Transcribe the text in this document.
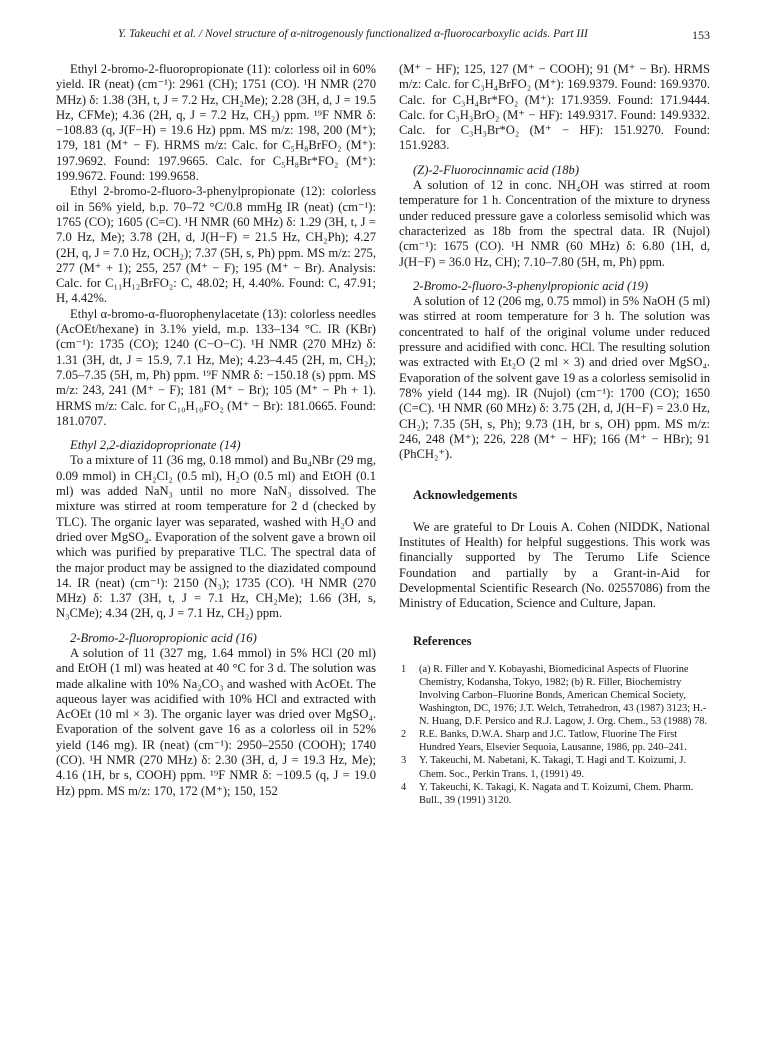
Y. Takeuchi et al. / Novel structure of α-nitrogenously functionalized α-fluorocarboxylic acids. Part III	153

Ethyl 2-bromo-2-fluoropropionate (11): colorless oil in 60% yield. IR (neat) (cm⁻¹): 2961 (CH); 1751 (CO). ¹H NMR (270 MHz) δ: 1.38 (3H, t, J = 7.2 Hz, CH₂Me); 2.28 (3H, d, J = 19.5 Hz, CFMe); 4.36 (2H, q, J = 7.2 Hz, CH₂) ppm. ¹⁹F NMR δ: −108.83 (q, J(F−H) = 19.6 Hz) ppm. MS m/z: 198, 200 (M⁺); 179, 181 (M⁺ − F). HRMS m/z: Calc. for C₅H₈BrFO₂ (M⁺): 197.9692. Found: 197.9665. Calc. for C₅H₈Br*FO₂ (M⁺): 199.9672. Found: 199.9658.

Ethyl 2-bromo-2-fluoro-3-phenylpropionate (12): colorless oil in 56% yield, b.p. 70–72 °C/0.8 mmHg IR (neat) (cm⁻¹): 1765 (CO); 1605 (C=C). ¹H NMR (60 MHz) δ: 1.29 (3H, t, J = 7.0 Hz, Me); 3.78 (2H, d, J(H−F) = 21.5 Hz, CH₂Ph); 4.27 (2H, q, J = 7.0 Hz, OCH₂); 7.37 (5H, s, Ph) ppm. MS m/z: 275, 277 (M⁺ + 1); 255, 257 (M⁺ − F); 195 (M⁺ − Br). Analysis: Calc. for C₁₁H₁₂BrFO₂: C, 48.02; H, 4.40%. Found: C, 47.91; H, 4.42%.

Ethyl α-bromo-α-fluorophenylacetate (13): colorless needles (AcOEt/hexane) in 3.1% yield, m.p. 133–134 °C. IR (KBr) (cm⁻¹): 1735 (CO); 1240 (C−O−C). ¹H NMR (270 MHz) δ: 1.31 (3H, dt, J = 15.9, 7.1 Hz, Me); 4.23–4.45 (2H, m, CH₂); 7.05–7.35 (5H, m, Ph) ppm. ¹⁹F NMR δ: −150.18 (s) ppm. MS m/z: 243, 241 (M⁺ − F); 181 (M⁺ − Br); 105 (M⁺ − Ph + 1). HRMS m/z: Calc. for C₁₀H₁₀FO₂ (M⁺ − Br): 181.0665. Found: 181.0707.

Ethyl 2,2-diazidoproprionate (14)

To a mixture of 11 (36 mg, 0.18 mmol) and Bu₄NBr (29 mg, 0.09 mmol) in CH₂Cl₂ (0.5 ml), H₂O (0.5 ml) and EtOH (0.1 ml) was added NaN₃ until no more NaN₃ dissolved. The mixture was stirred at room temperature for 2 d (checked by TLC). The organic layer was separated, washed with H₂O and dried over MgSO₄. Evaporation of the solvent gave a brown oil which was purified by preparative TLC. The spectral data of the major product may be assigned to the diazidated compound 14. IR (neat) (cm⁻¹): 2150 (N₃); 1735 (CO). ¹H NMR (270 MHz) δ: 1.37 (3H, t, J = 7.1 Hz, CH₂Me); 1.66 (3H, s, N₃CMe); 4.34 (2H, q, J = 7.1 Hz, CH₂) ppm.

2-Bromo-2-fluoropropionic acid (16)

A solution of 11 (327 mg, 1.64 mmol) in 5% HCl (20 ml) and EtOH (1 ml) was heated at 40 °C for 3 d. The solution was made alkaline with 10% Na₂CO₃ and washed with AcOEt. The aqueous layer was acidified with 10% HCl and extracted with AcOEt (10 ml × 3). The organic layer was dried over MgSO₄. Evaporation of the solvent gave 16 as a colorless oil in 52% yield (146 mg). IR (neat) (cm⁻¹): 2950–2550 (COOH); 1740 (CO). ¹H NMR (270 MHz) δ: 2.30 (3H, d, J = 19.3 Hz, Me); 4.16 (1H, br s, COOH) ppm. ¹⁹F NMR δ: −109.5 (q, J = 19.0 Hz) ppm. MS m/z: 170, 172 (M⁺); 150, 152

(M⁺ − HF); 125, 127 (M⁺ − COOH); 91 (M⁺ − Br). HRMS m/z: Calc. for C₃H₄BrFO₂ (M⁺): 169.9379. Found: 169.9370. Calc. for C₃H₄Br*FO₂ (M⁺): 171.9359. Found: 171.9444. Calc. for C₃H₃BrO₂ (M⁺ − HF): 149.9317. Found: 149.9332. Calc. for C₃H₃Br*O₂ (M⁺ − HF): 151.9270. Found: 151.9283.

(Z)-2-Fluorocinnamic acid (18b)

A solution of 12 in conc. NH₄OH was stirred at room temperature for 1 h. Concentration of the mixture to dryness under reduced pressure gave a colorless semisolid which was characterized as 18b from the spectral data. IR (Nujol) (cm⁻¹): 1675 (CO). ¹H NMR (60 MHz) δ: 6.80 (1H, d, J(H−F) = 36.0 Hz, CH); 7.10–7.80 (5H, m, Ph) ppm.

2-Bromo-2-fluoro-3-phenylpropionic acid (19)

A solution of 12 (206 mg, 0.75 mmol) in 5% NaOH (5 ml) was stirred at room temperature for 3 h. The solution was concentrated to half of the original volume under reduced pressure and acidified with conc. HCl. The resulting solution was extracted with Et₂O (2 ml × 3) and dried over MgSO₄. Evaporation of the solvent gave 19 as a colorless semisolid in 78% yield (144 mg). IR (Nujol) (cm⁻¹): 1700 (CO); 1650 (C=C). ¹H NMR (60 MHz) δ: 3.75 (2H, d, J(H−F) = 23.0 Hz, CH₂); 7.35 (5H, s, Ph); 9.73 (1H, br s, OH) ppm. MS m/z: 246, 248 (M⁺); 226, 228 (M⁺ − HF); 166 (M⁺ − HBr); 91 (PhCH₂⁺).

Acknowledgements

We are grateful to Dr Louis A. Cohen (NIDDK, National Institutes of Health) for helpful suggestions. This work was financially supported by The Terumo Life Science Foundation and partially by a Grant-in-Aid for Developmental Scientific Research (No. 02557086) from the Ministry of Education, Science and Culture, Japan.

References

1 (a) R. Filler and Y. Kobayashi, Biomedicinal Aspects of Fluorine Chemistry, Kodansha, Tokyo, 1982; (b) R. Filler, Biochemistry Involving Carbon–Fluorine Bonds, American Chemical Society, Washington, DC, 1976; J.T. Welch, Tetrahedron, 43 (1987) 3123; H.-N. Huang, D.F. Persico and R.J. Lagow, J. Org. Chem., 53 (1988) 78.
2 R.E. Banks, D.W.A. Sharp and J.C. Tatlow, Fluorine The First Hundred Years, Elsevier Sequoia, Lausanne, 1986, pp. 240–241.
3 Y. Takeuchi, M. Nabetani, K. Takagi, T. Hagi and T. Koizumi, J. Chem. Soc., Perkin Trans. 1, (1991) 49.
4 Y. Takeuchi, K. Takagi, K. Nagata and T. Koizumi, Chem. Pharm. Bull., 39 (1991) 3120.
